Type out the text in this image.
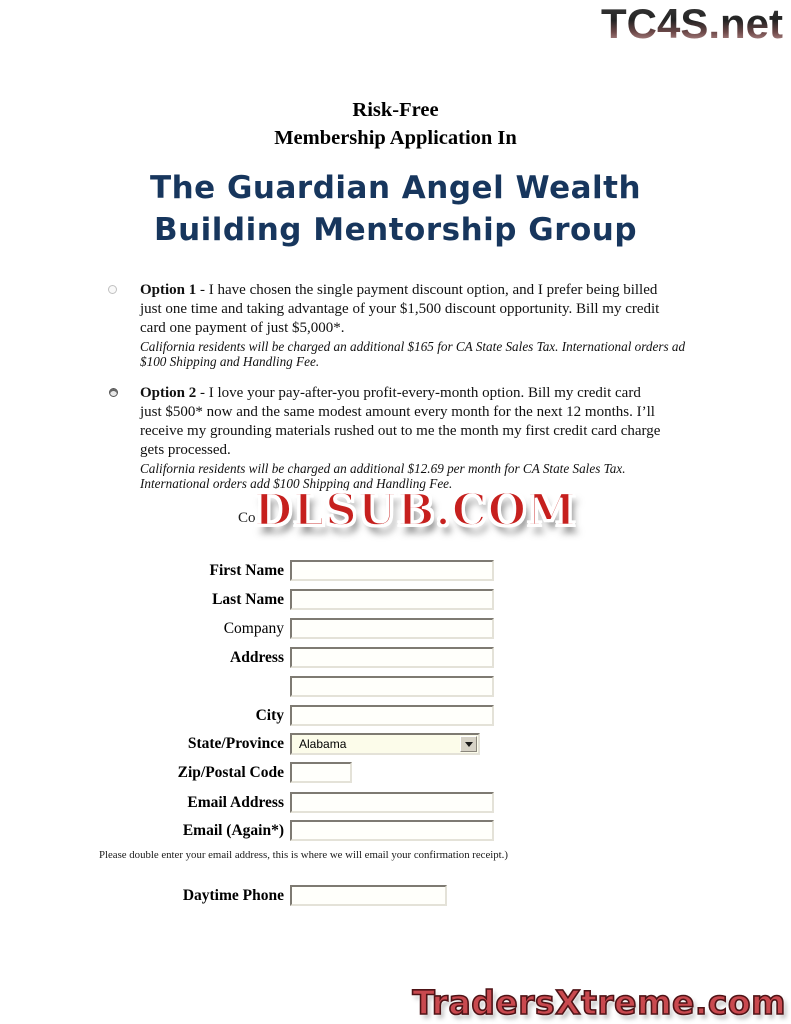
TC4S.net
Risk-Free
Membership Application In
The Guardian Angel Wealth
Building Mentorship Group
Option 1 - I have chosen the single payment discount option, and I prefer being billed
just one time and taking advantage of your $1,500 discount opportunity. Bill my credit
card one payment of just $5,000*.
California residents will be charged an additional $165 for CA State Sales Tax. International orders ad
$100 Shipping and Handling Fee.
Option 2 - I love your pay-after-you profit-every-month option. Bill my credit card
just $500* now and the same modest amount every month for the next 12 months. I’ll
receive my grounding materials rushed out to me the month my first credit card charge
gets processed.
California residents will be charged an additional $12.69 per month for CA State Sales Tax.
International orders add $100 Shipping and Handling Fee.
Co
DLSUB.COM
First Name
Last Name
Company
Address
City
State/Province	Alabama
Zip/Postal Code
Email Address
Email (Again*)
Please double enter your email address, this is where we will email your confirmation receipt.)
Daytime Phone
TradersXtreme.com
